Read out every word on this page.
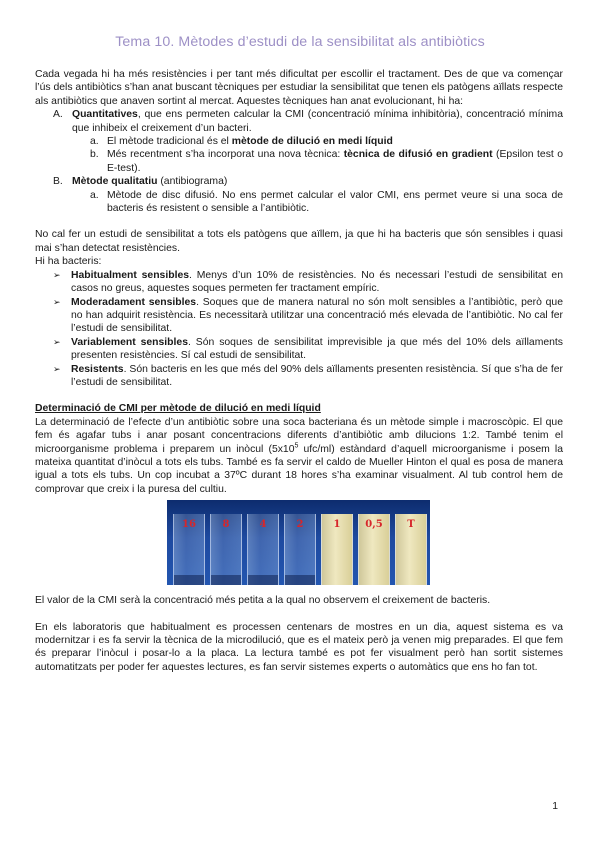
Tema 10. Mètodes d’estudi de la sensibilitat als antibiòtics

Cada vegada hi ha més resistències i per tant més dificultat per escollir el tractament. Des de que va començar l’ús dels antibiòtics s’han anat buscant tècniques per estudiar la sensibilitat que tenen els patògens aïllats respecte als antibiòtics que anaven sortint al mercat. Aquestes tècniques han anat evolucionant, hi ha:

A. Quantitatives, que ens permeten calcular la CMI (concentració mínima inhibitòria), concentració mínima que inhibeix el creixement d’un bacteri.
a. El mètode tradicional és el mètode de dilució en medi líquid
b. Més recentment s’ha incorporat una nova tècnica: tècnica de difusió en gradient (Epsilon test o E-test).
B. Mètode qualitatiu (antibiograma)
a. Mètode de disc difusió. No ens permet calcular el valor CMI, ens permet veure si una soca de bacteris és resistent o sensible a l’antibiòtic.

No cal fer un estudi de sensibilitat a tots els patògens que aïllem, ja que hi ha bacteris que són sensibles i quasi mai s’han detectat resistències.

Hi ha bacteris:

➢	Habitualment sensibles. Menys d’un 10% de resistències. No és necessari l’estudi de sensibilitat en casos no greus, aquestes soques permeten fer tractament empíric.
➢	Moderadament sensibles. Soques que de manera natural no són molt sensibles a l’antibiòtic, però que no han adquirit resistència. Es necessitarà utilitzar una concentració més elevada de l’antibiòtic. No cal fer l’estudi de sensibilitat.
➢	Variablement sensibles. Són soques de sensibilitat imprevisible ja que més del 10% dels aïllaments presenten resistències. Sí cal estudi de sensibilitat.
➢	Resistents. Són bacteris en les que més del 90% dels aïllaments presenten resistència. Sí que s’ha de fer l’estudi de sensibilitat.

Determinació de CMI per mètode de dilució en medi líquid

La determinació de l’efecte d’un antibiòtic sobre una soca bacteriana és un mètode simple i macroscòpic. El que fem és agafar tubs i anar posant concentracions diferents d’antibiòtic amb dilucions 1:2. També tenim el microorganisme problema i preparem un inòcul ($5x10^5$ ufc/ml) estàndard d’aquell microorganisme i posem la mateixa quantitat d’inòcul a tots els tubs. També es fa servir el caldo de Mueller Hinton el qual es posa de manera igual a tots els tubs. Un cop incubat a 37ºC durant 18 hores s’ha examinar visualment. Al tub control hem de comprovar que creix i la puresa del cultiu.

16	8	4	2	1	0,5	T

El valor de la CMI serà la concentració més petita a la qual no observem el creixement de bacteris.

En els laboratoris que habitualment es processen centenars de mostres en un dia, aquest sistema es va modernitzar i es fa servir la tècnica de la microdilució, que es el mateix però ja venen mig preparades. El que fem és preparar l’inòcul i posar-lo a la placa. La lectura també es pot fer visualment però han sortit sistemes automatitzats per poder fer aquestes lectures, es fan servir sistemes experts o automàtics que ens ho fan tot.

1
